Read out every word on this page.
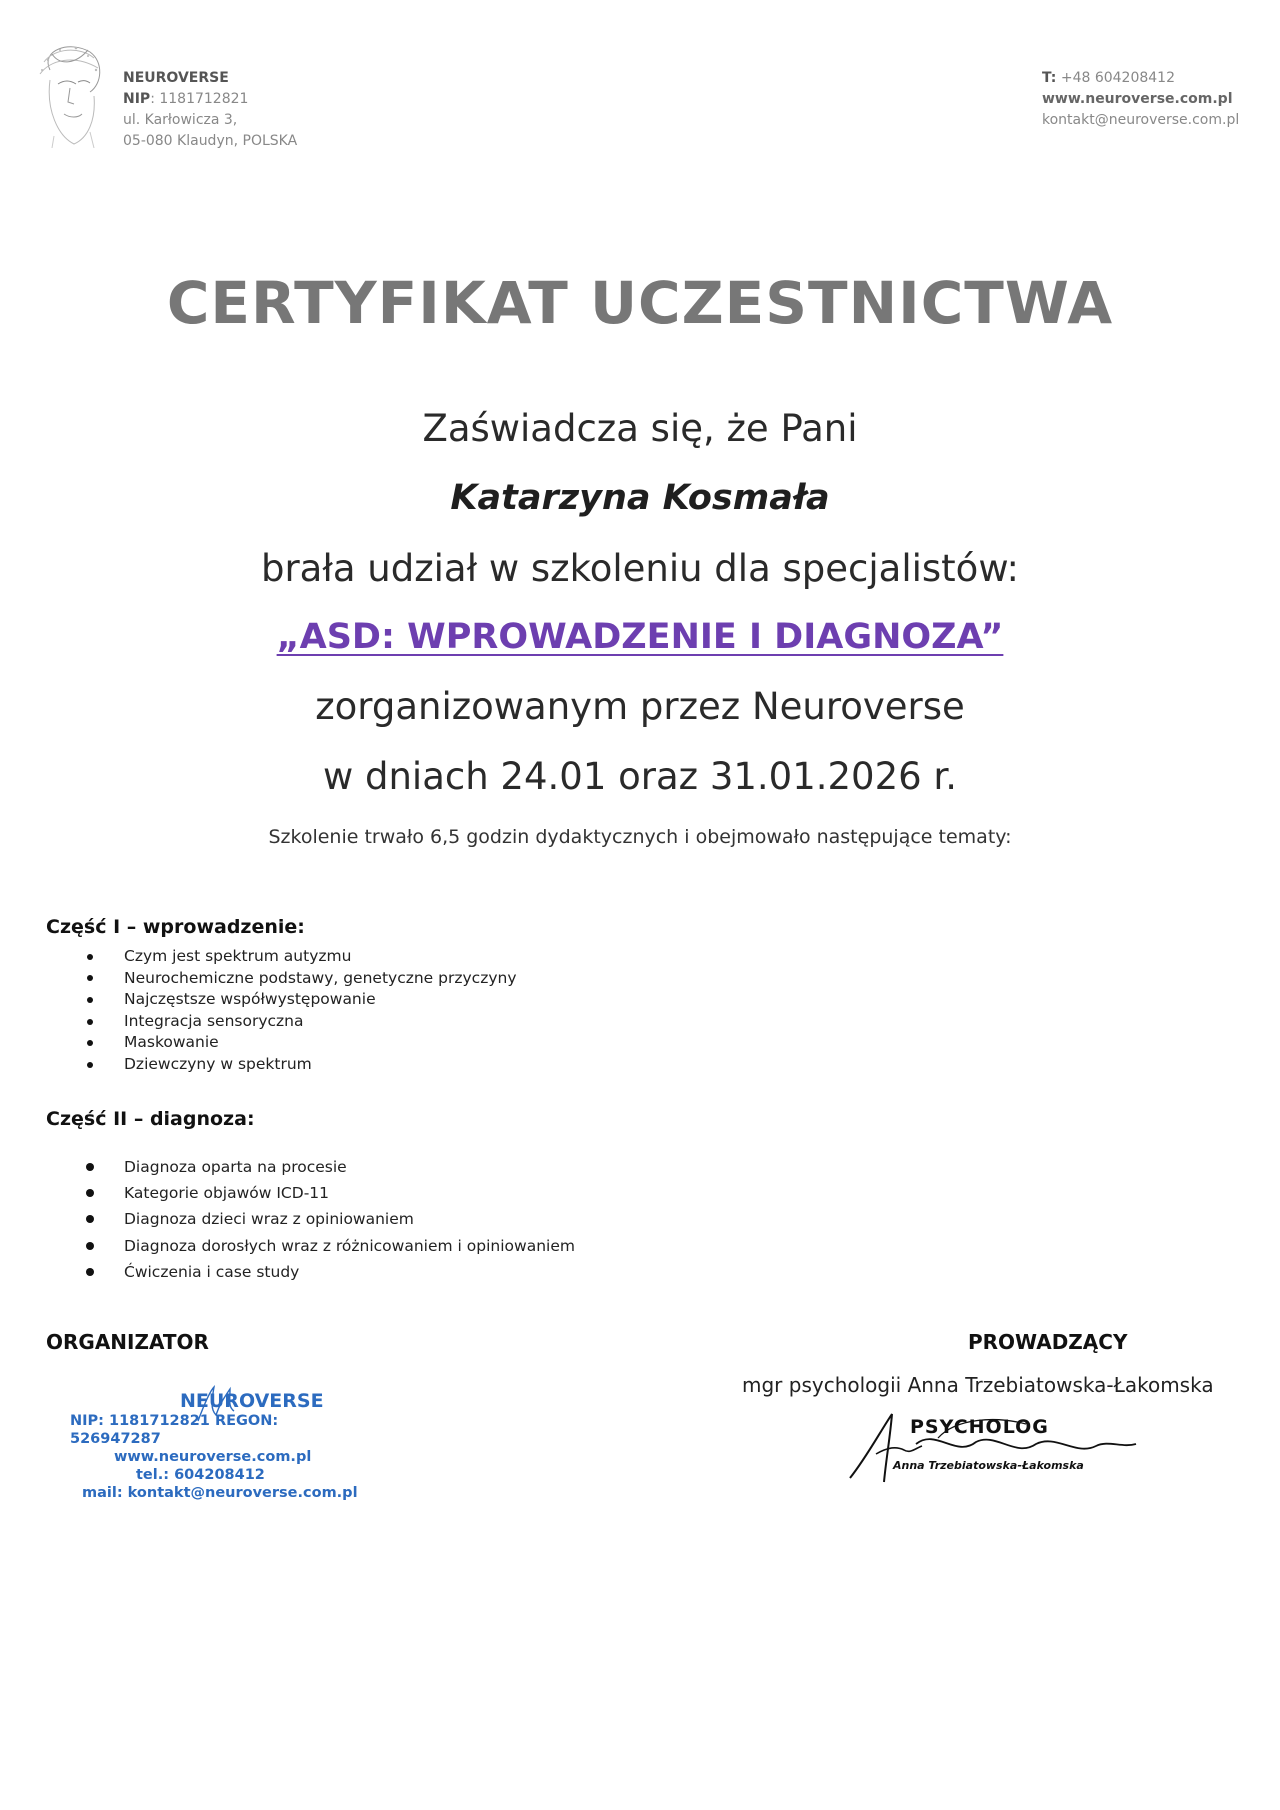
NEUROVERSE
NIP: 1181712821
ul. Karłowicza 3,
05-080 Klaudyn, POLSKA
T: +48 604208412
www.neuroverse.com.pl
kontakt@neuroverse.com.pl
CERTYFIKAT UCZESTNICTWA
Zaświadcza się, że Pani
Katarzyna Kosmała
brała udział w szkoleniu dla specjalistów:
„ASD: WPROWADZENIE I DIAGNOZA”
zorganizowanym przez Neuroverse
w dniach 24.01 oraz 31.01.2026 r.
Szkolenie trwało 6,5 godzin dydaktycznych i obejmowało następujące tematy:
Część I – wprowadzenie:
Czym jest spektrum autyzmu
Neurochemiczne podstawy, genetyczne przyczyny
Najczęstsze współwystępowanie
Integracja sensoryczna
Maskowanie
Dziewczyny w spektrum
Część II – diagnoza:
Diagnoza oparta na procesie
Kategorie objawów ICD-11
Diagnoza dzieci wraz z opiniowaniem
Diagnoza dorosłych wraz z różnicowaniem i opiniowaniem
Ćwiczenia i case study
ORGANIZATOR	PROWADZĄCY
mgr psychologii Anna Trzebiatowska-Łakomska
NEUROVERSE
NIP: 1181712821 REGON: 526947287
www.neuroverse.com.pl
tel.: 604208412
mail: kontakt@neuroverse.com.pl
PSYCHOLOG
Anna Trzebiatowska-Łakomska
